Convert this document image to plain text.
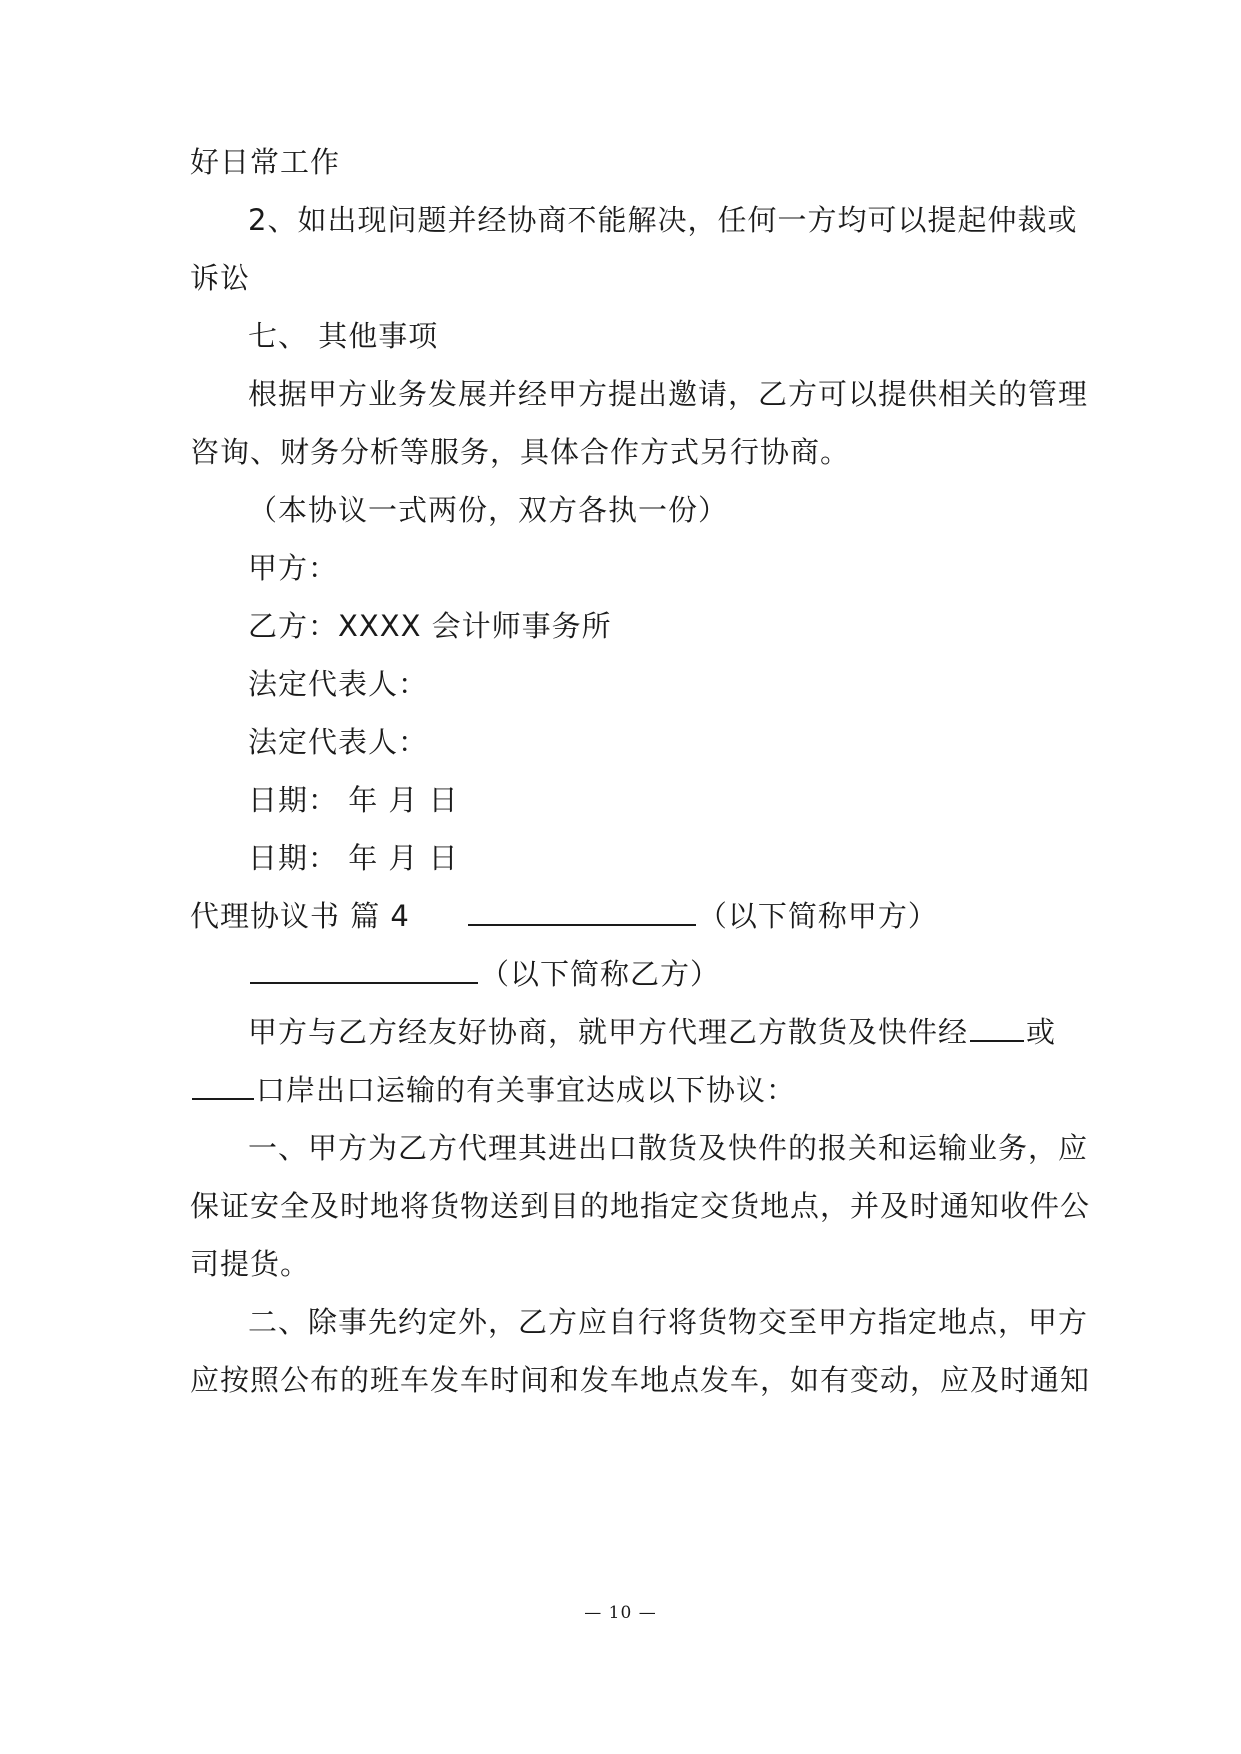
好日常工作
2、如出现问题并经协商不能解决，任何一方均可以提起仲裁或
诉讼
七、 其他事项
根据甲方业务发展并经甲方提出邀请，乙方可以提供相关的管理
咨询、财务分析等服务，具体合作方式另行协商。
（本协议一式两份，双方各执一份）
甲方：
乙方：XXXX 会计师事务所
法定代表人：
法定代表人：
日期： 年 月 日
日期： 年 月 日
代理协议书 篇 4	（以下简称甲方）
（以下简称乙方）
甲方与乙方经友好协商，就甲方代理乙方散货及快件经 或
口岸出口运输的有关事宜达成以下协议：
一、甲方为乙方代理其进出口散货及快件的报关和运输业务，应
保证安全及时地将货物送到目的地指定交货地点，并及时通知收件公
司提货。
二、除事先约定外，乙方应自行将货物交至甲方指定地点，甲方
应按照公布的班车发车时间和发车地点发车，如有变动，应及时通知
— 10 —
